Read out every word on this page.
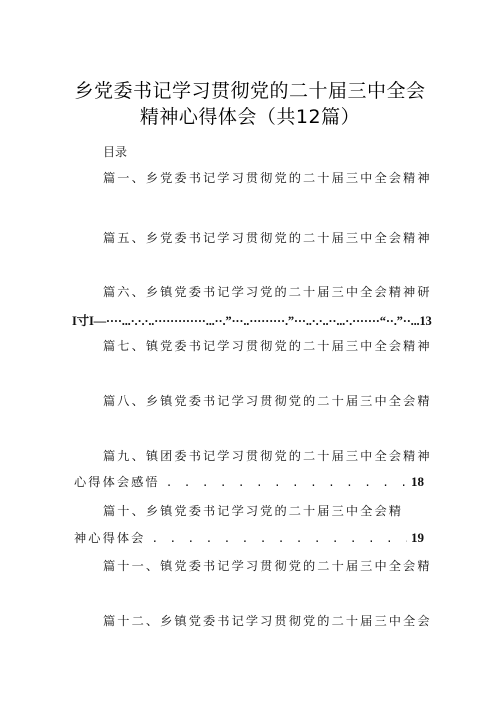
乡党委书记学习贯彻党的二十届三中全会
精神心得体会（共12篇）
目录
篇一、乡党委书记学习贯彻党的二十届三中全会精神
篇五、乡党委书记学习贯彻党的二十届三中全会精神
篇六、乡镇党委书记学习党的二十届三中全会精神研
I寸I—····...·.·.·..·············...··.”···..·········.”···..·.·..··...·.·······“··.”··...13
篇七、镇党委书记学习贯彻党的二十届三中全会精神
篇八、乡镇党委书记学习贯彻党的二十届三中全会精
篇九、镇团委书记学习贯彻党的二十届三中全会精神
心得体会感悟 . . .	18
篇十、乡镇党委书记学习党的二十届三中全会精
神心得体会 . . .	19
篇十一、镇党委书记学习贯彻党的二十届三中全会精
篇十二、乡镇党委书记学习贯彻党的二十届三中全会
